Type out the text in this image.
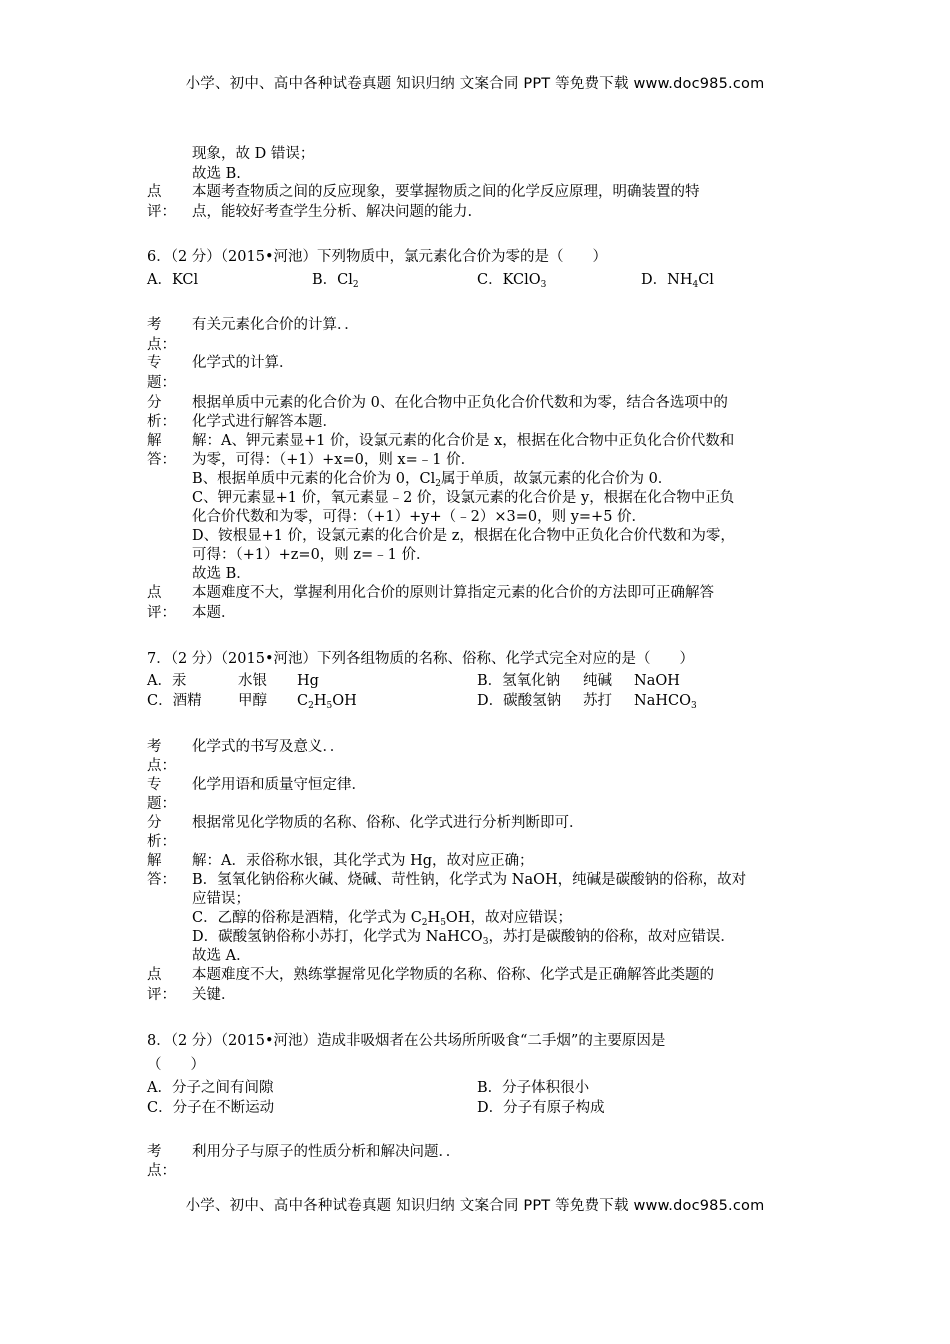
小学、初中、高中各种试卷真题 知识归纳 文案合同 PPT 等免费下载 www.doc985.com
现象，故 D 错误；
故选 B.
点 本题考查物质之间的反应现象，要掌握物质之间的化学反应原理，明确装置的特
评： 点，能较好考查学生分析、解决问题的能力.
6．（2 分）（2015•河池）下列物质中，氯元素化合价为零的是（　　）
A．KCl	B．$Cl_2$	C．KClO$_3$	D．$NH_4Cl$
考 有关元素化合价的计算．．
点：
专 化学式的计算．
题：
分 根据单质中元素的化合价为 0、在化合物中正负化合价代数和为零，结合各选项中的
析： 化学式进行解答本题．
解 解：A、钾元素显+1 价，设氯元素的化合价是 x，根据在化合物中正负化合价代数和
答： 为零，可得：（+1）+x=0，则 x=﹣1 价．
B、根据单质中元素的化合价为 0，$Cl_2$属于单质，故氯元素的化合价为 0．
C、钾元素显+1 价，氧元素显﹣2 价，设氯元素的化合价是 y，根据在化合物中正负
化合价代数和为零，可得：（+1）+y+（﹣2）×3=0，则 y=+5 价．
D、铵根显+1 价，设氯元素的化合价是 z，根据在化合物中正负化合价代数和为零，
可得：（+1）+z=0，则 z=﹣1 价．
故选 B．
点 本题难度不大，掌握利用化合价的原则计算指定元素的化合价的方法即可正确解答
评： 本题．
7．（2 分）（2015•河池）下列各组物质的名称、俗称、化学式完全对应的是（　　）
A．汞	水银 Hg	B．氢氧化钠 纯碱 NaOH
C．酒精	甲醇 $C_2H_5OH$	D．碳酸氢钠 苏打 NaHCO$_3$
考 化学式的书写及意义．．
点：
专 化学用语和质量守恒定律．
题：
分 根据常见化学物质的名称、俗称、化学式进行分析判断即可．
析：
解 解：A．汞俗称水银，其化学式为 Hg，故对应正确；
答： B．氢氧化钠俗称火碱、烧碱、苛性钠，化学式为 NaOH，纯碱是碳酸钠的俗称，故对
应错误；
C．乙醇的俗称是酒精，化学式为 $C_2H_5OH$，故对应错误；
D．碳酸氢钠俗称小苏打，化学式为 NaHCO$_3$，苏打是碳酸钠的俗称，故对应错误．
故选 A．
点 本题难度不大，熟练掌握常见化学物质的名称、俗称、化学式是正确解答此类题的
评： 关键．
8．（2 分）（2015•河池）造成非吸烟者在公共场所所吸食“二手烟”的主要原因是
（　　）
A．分子之间有间隙	B．分子体积很小
C．分子在不断运动	D．分子有原子构成
考 利用分子与原子的性质分析和解决问题．．
点：
小学、初中、高中各种试卷真题 知识归纳 文案合同 PPT 等免费下载 www.doc985.com
